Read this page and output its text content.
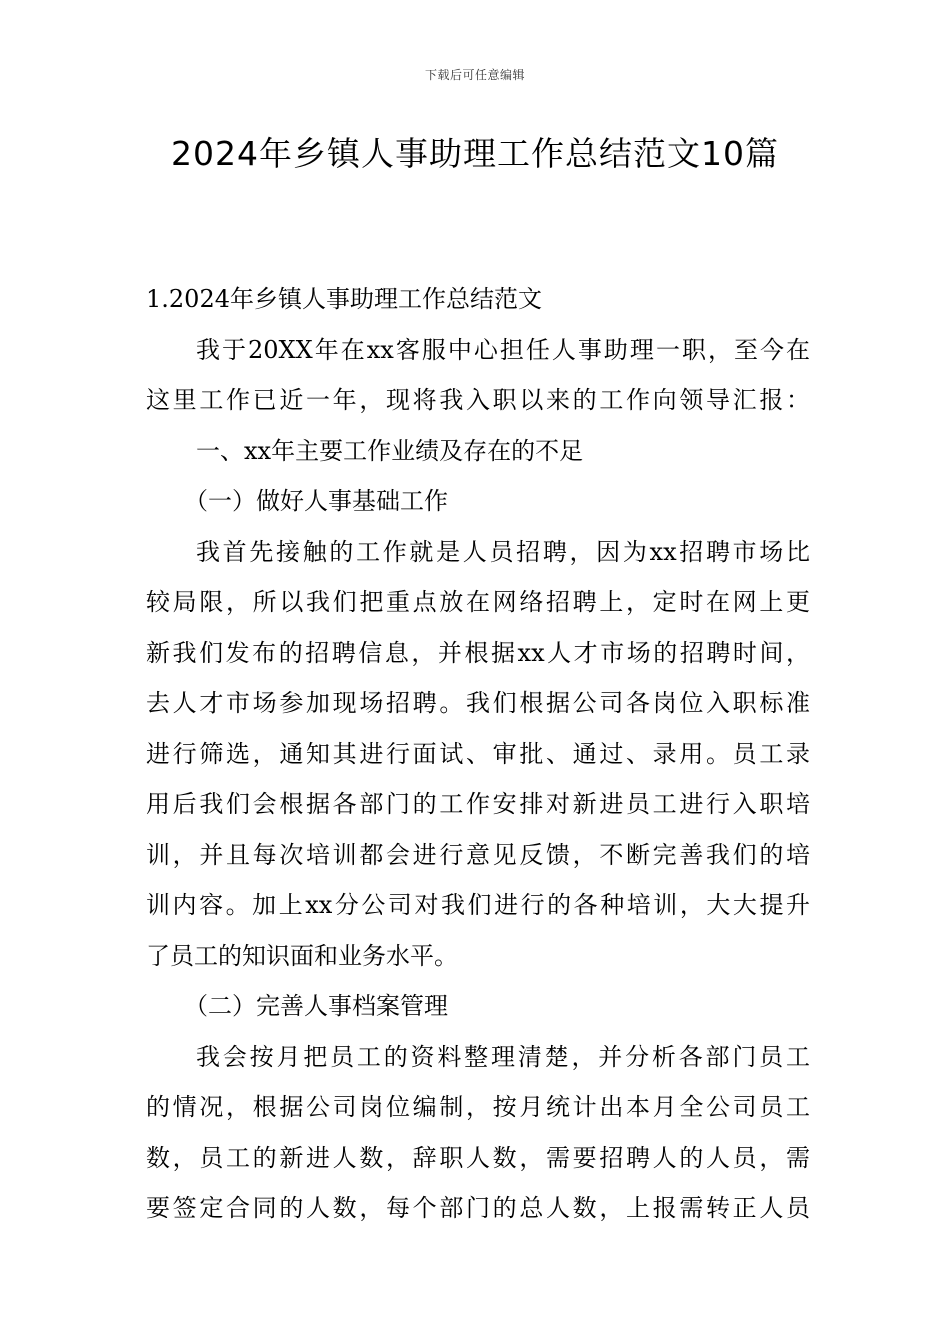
下载后可任意编辑
2024年乡镇人事助理工作总结范文10篇
1.2024年乡镇人事助理工作总结范文
我于20XX年在xx客服中心担任人事助理一职，至今在
这里工作已近一年，现将我入职以来的工作向领导汇报：
一、xx年主要工作业绩及存在的不足
（一）做好人事基础工作
我首先接触的工作就是人员招聘，因为xx招聘市场比
较局限，所以我们把重点放在网络招聘上，定时在网上更
新我们发布的招聘信息，并根据xx人才市场的招聘时间，
去人才市场参加现场招聘。我们根据公司各岗位入职标准
进行筛选，通知其进行面试、审批、通过、录用。员工录
用后我们会根据各部门的工作安排对新进员工进行入职培
训，并且每次培训都会进行意见反馈，不断完善我们的培
训内容。加上xx分公司对我们进行的各种培训，大大提升
了员工的知识面和业务水平。
（二）完善人事档案管理
我会按月把员工的资料整理清楚，并分析各部门员工
的情况，根据公司岗位编制，按月统计出本月全公司员工
数，员工的新进人数，辞职人数，需要招聘人的人员，需
要签定合同的人数，每个部门的总人数，上报需转正人员
